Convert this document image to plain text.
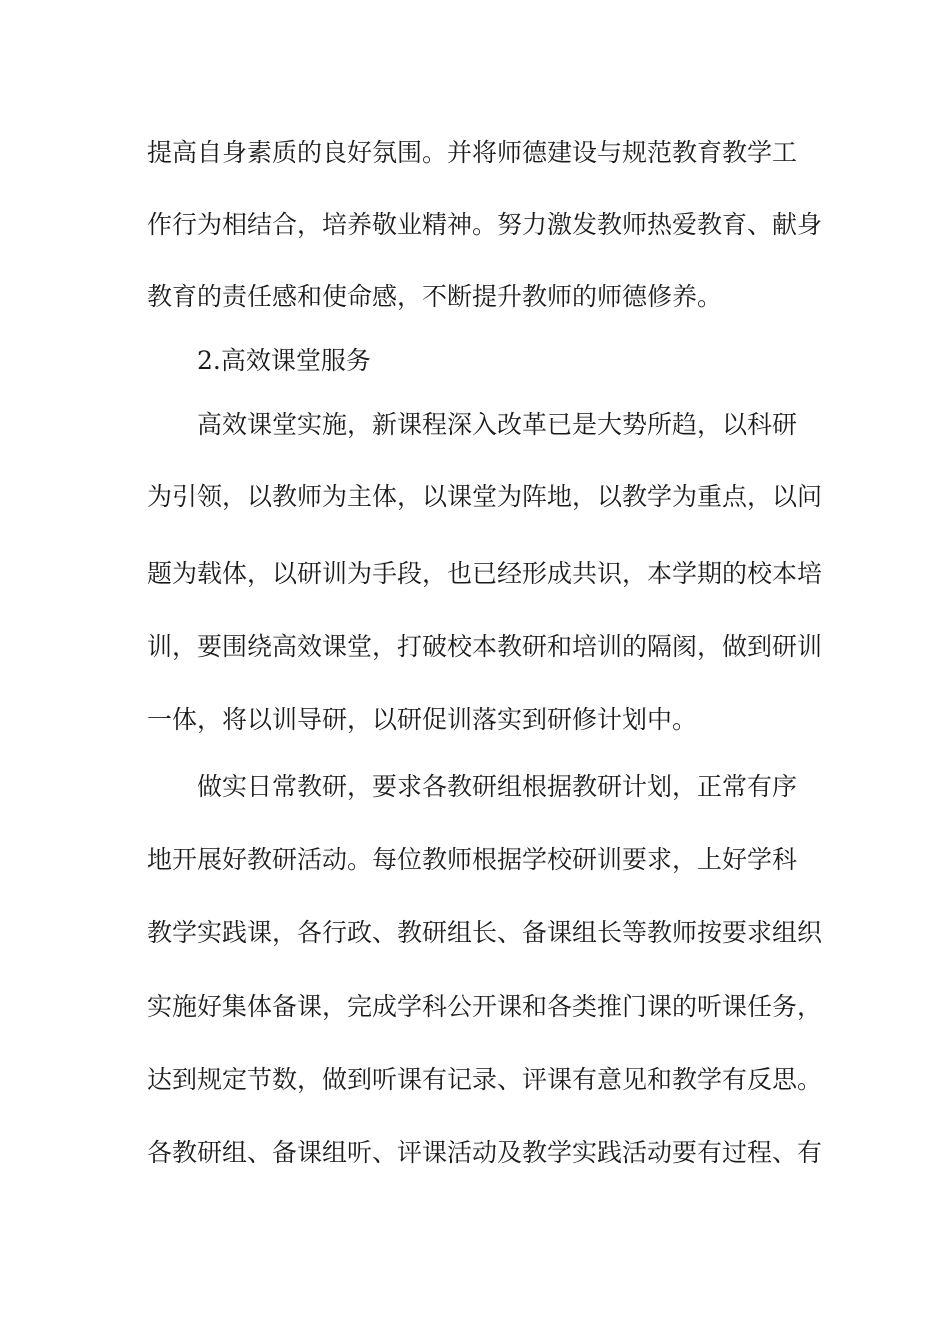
提高自身素质的良好氛围。并将师德建设与规范教育教学工
作行为相结合，培养敬业精神。努力激发教师热爱教育、献身
教育的责任感和使命感，不断提升教师的师德修养。
2.高效课堂服务
高效课堂实施，新课程深入改革已是大势所趋，以科研
为引领，以教师为主体，以课堂为阵地，以教学为重点，以问
题为载体，以研训为手段，也已经形成共识，本学期的校本培
训，要围绕高效课堂，打破校本教研和培训的隔阂，做到研训
一体，将以训导研，以研促训落实到研修计划中。
做实日常教研，要求各教研组根据教研计划，正常有序
地开展好教研活动。每位教师根据学校研训要求，上好学科
教学实践课，各行政、教研组长、备课组长等教师按要求组织
实施好集体备课，完成学科公开课和各类推门课的听课任务，
达到规定节数，做到听课有记录、评课有意见和教学有反思。
各教研组、备课组听、评课活动及教学实践活动要有过程、有
